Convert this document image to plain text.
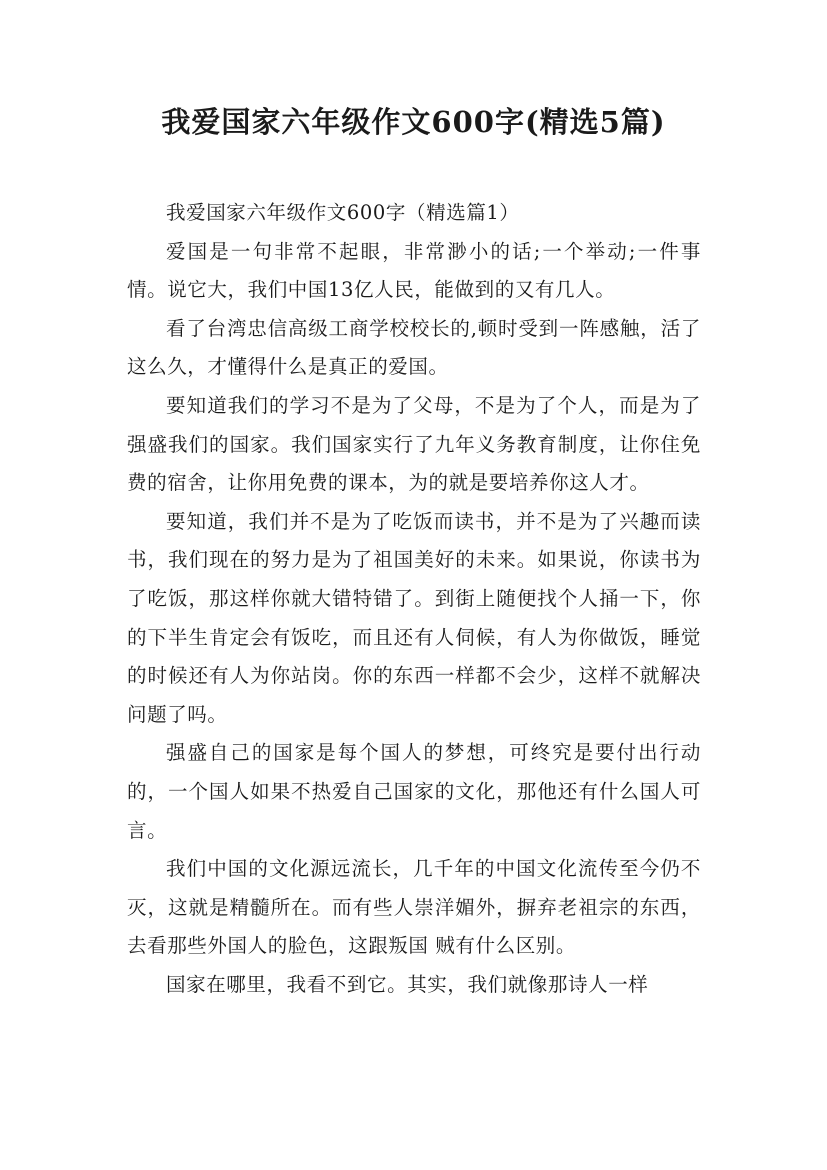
我爱国家六年级作文600字(精选5篇)

我爱国家六年级作文600字（精选篇1）

爱国是一句非常不起眼，非常渺小的话;一个举动;一件事情。说它大，我们中国13亿人民，能做到的又有几人。

看了台湾忠信高级工商学校校长的,顿时受到一阵感触，活了这么久，才懂得什么是真正的爱国。

要知道我们的学习不是为了父母，不是为了个人，而是为了强盛我们的国家。我们国家实行了九年义务教育制度，让你住免费的宿舍，让你用免费的课本，为的就是要培养你这人才。

要知道，我们并不是为了吃饭而读书，并不是为了兴趣而读书，我们现在的努力是为了祖国美好的未来。如果说，你读书为了吃饭，那这样你就大错特错了。到街上随便找个人捅一下，你的下半生肯定会有饭吃，而且还有人伺候，有人为你做饭，睡觉的时候还有人为你站岗。你的东西一样都不会少，这样不就解决问题了吗。

强盛自己的国家是每个国人的梦想，可终究是要付出行动的，一个国人如果不热爱自己国家的文化，那他还有什么国人可言。

我们中国的文化源远流长，几千年的中国文化流传至今仍不灭，这就是精髓所在。而有些人崇洋媚外，摒弃老祖宗的东西，去看那些外国人的脸色，这跟叛国 贼有什么区别。

国家在哪里，我看不到它。其实，我们就像那诗人一样
